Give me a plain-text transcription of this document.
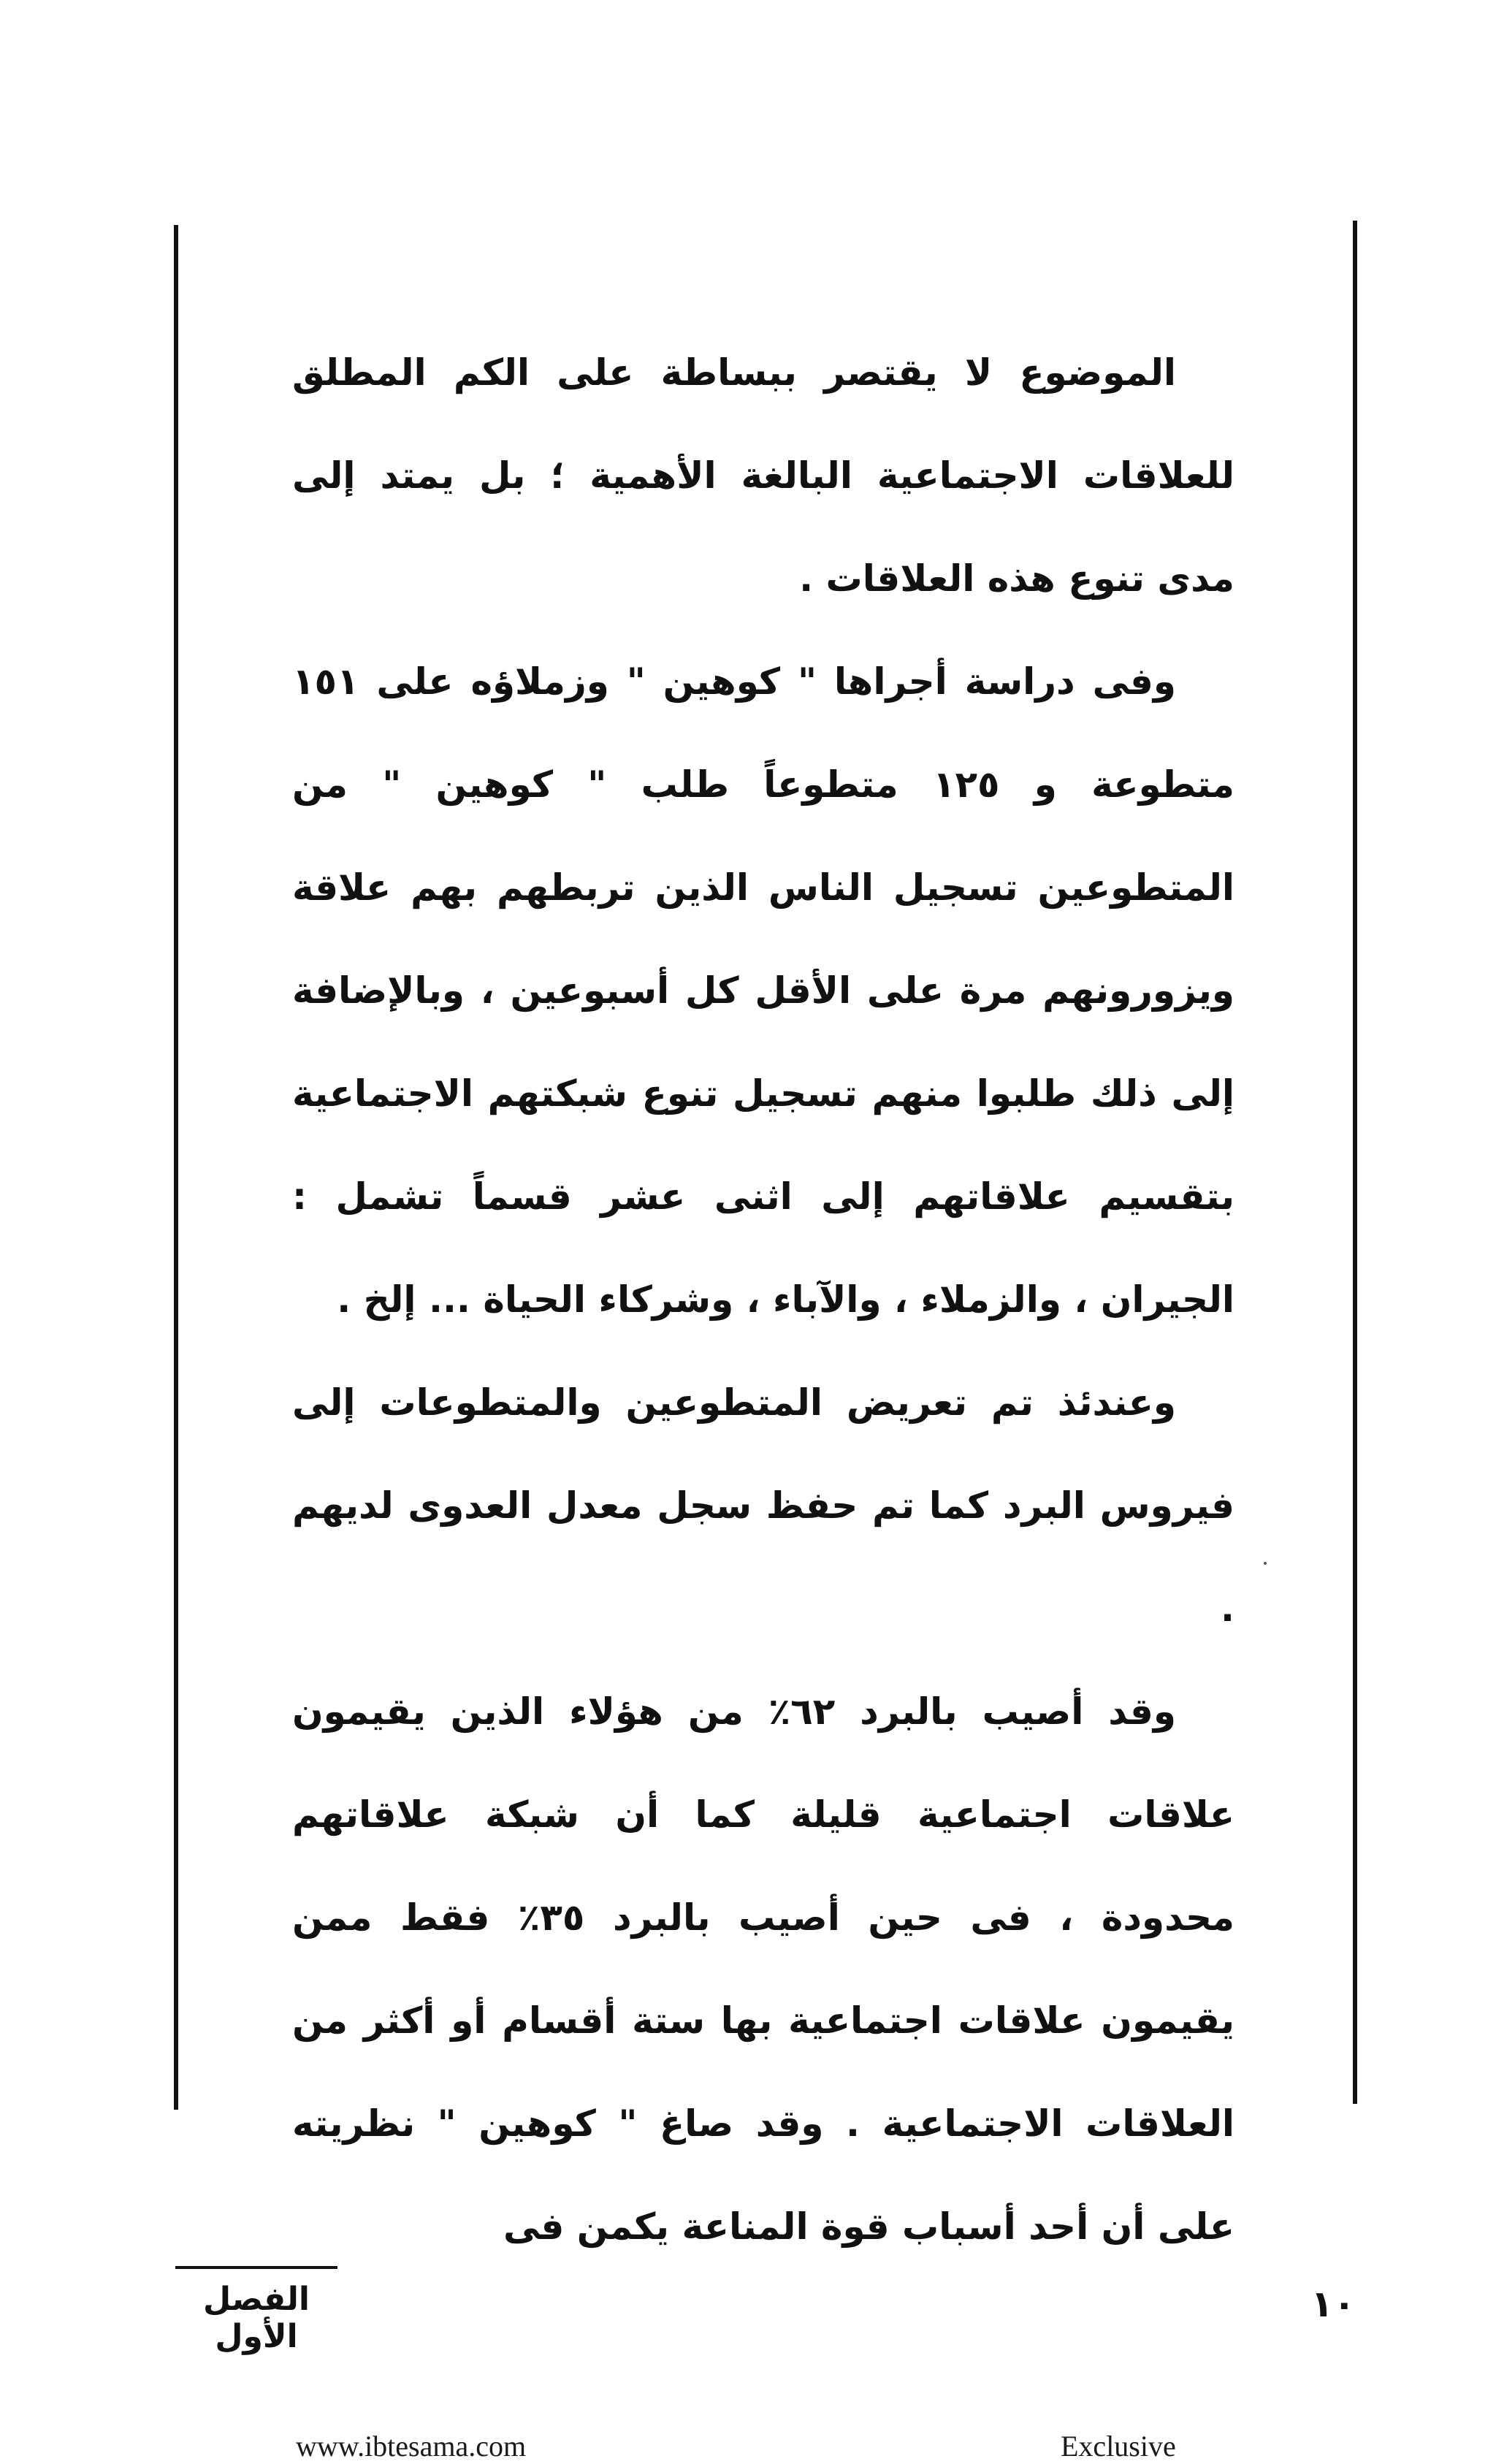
الموضوع لا يقتصر ببساطة على الكم المطلق للعلاقات الاجتماعية البالغة الأهمية ؛ بل يمتد إلى مدى تنوع هذه العلاقات .

وفى دراسة أجراها " كوهين " وزملاؤه على ١٥١ متطوعة و ١٢٥ متطوعاً طلب " كوهين " من المتطوعين تسجيل الناس الذين تربطهم بهم علاقة ويزورونهم مرة على الأقل كل أسبوعين ، وبالإضافة إلى ذلك طلبوا منهم تسجيل تنوع شبكتهم الاجتماعية بتقسيم علاقاتهم إلى اثنى عشر قسماً تشمل : الجيران ، والزملاء ، والآباء ، وشركاء الحياة ... إلخ .

وعندئذ تم تعريض المتطوعين والمتطوعات إلى فيروس البرد كما تم حفظ سجل معدل العدوى لديهم .

وقد أصيب بالبرد ٦٢٪ من هؤلاء الذين يقيمون علاقات اجتماعية قليلة كما أن شبكة علاقاتهم محدودة ، فى حين أصيب بالبرد ٣٥٪ فقط ممن يقيمون علاقات اجتماعية بها ستة أقسام أو أكثر من العلاقات الاجتماعية . وقد صاغ " كوهين " نظريته على أن أحد أسباب قوة المناعة يكمن فى

الفصل الأول
١٠
www.ibtesama.com	Exclusive
